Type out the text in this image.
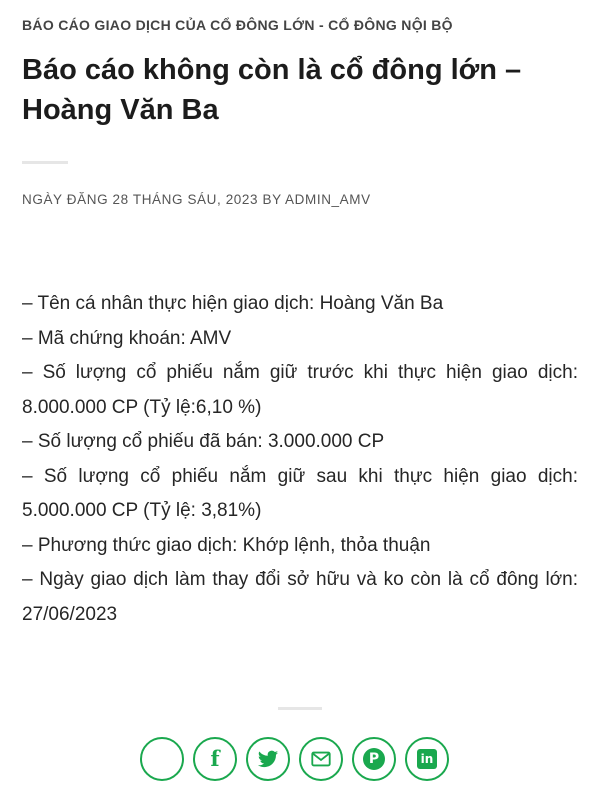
BÁO CÁO GIAO DỊCH CỦA CỔ ĐÔNG LỚN - CỔ ĐÔNG NỘI BỘ
Báo cáo không còn là cổ đông lớn – Hoàng Văn Ba
NGÀY ĐĂNG 28 THÁNG SÁU, 2023 BY ADMIN_AMV

– Tên cá nhân thực hiện giao dịch: Hoàng Văn Ba

– Mã chứng khoán: AMV

– Số lượng cổ phiếu nắm giữ trước khi thực hiện giao dịch: 8.000.000 CP (Tỷ lệ:6,10 %)

– Số lượng cổ phiếu đã bán: 3.000.000 CP

– Số lượng cổ phiếu nắm giữ sau khi thực hiện giao dịch: 5.000.000 CP (Tỷ lệ: 3,81%)

– Phương thức giao dịch: Khớp lệnh, thỏa thuận

– Ngày giao dịch làm thay đổi sở hữu và ko còn là cổ đông lớn: 27/06/2023

f	P	in
